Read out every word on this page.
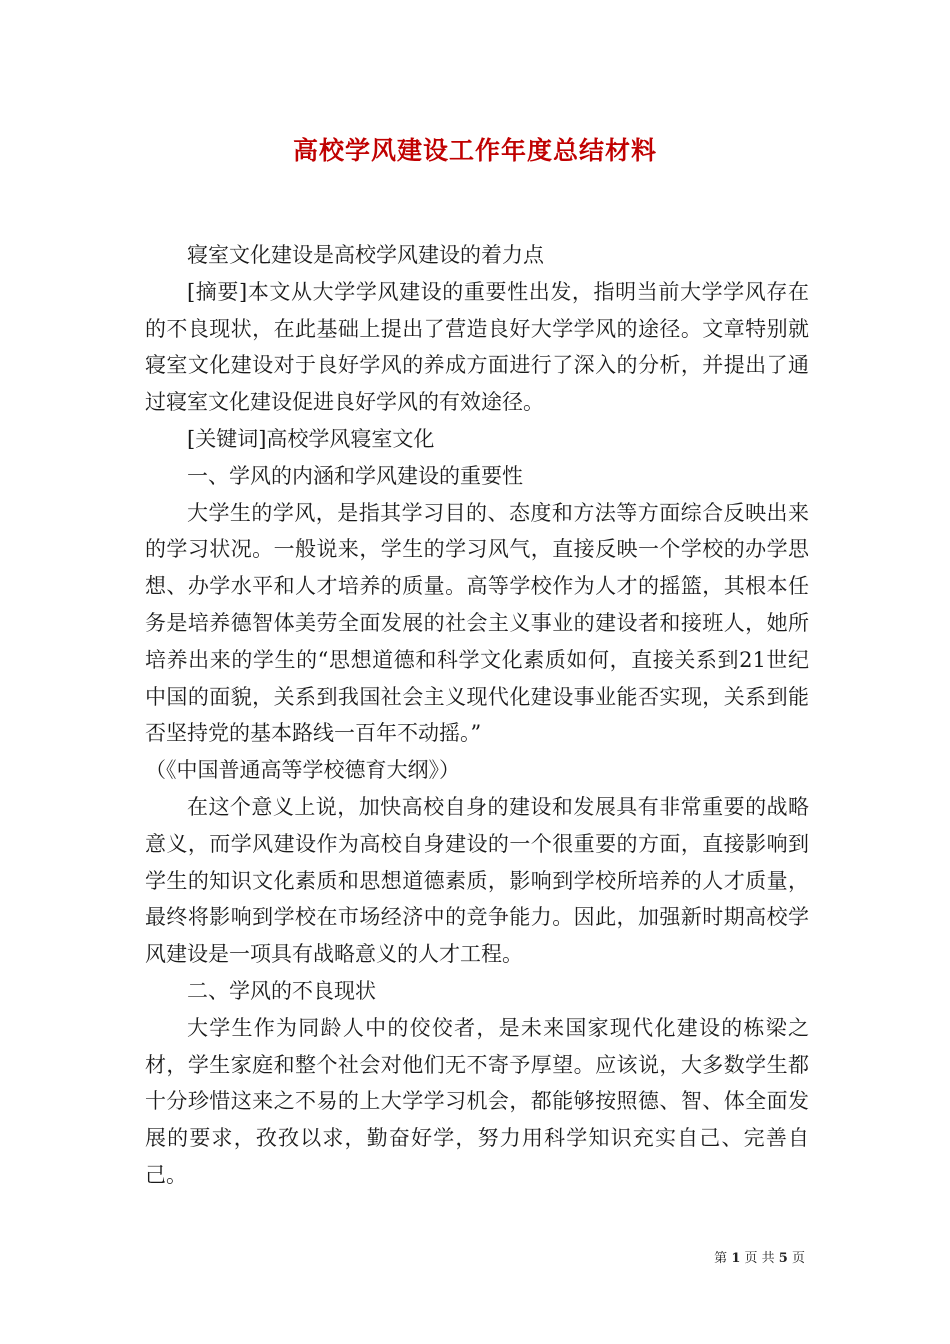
高校学风建设工作年度总结材料

寝室文化建设是高校学风建设的着力点

[摘要]本文从大学学风建设的重要性出发，指明当前大学学风存在的不良现状，在此基础上提出了营造良好大学学风的途径。文章特别就寝室文化建设对于良好学风的养成方面进行了深入的分析，并提出了通过寝室文化建设促进良好学风的有效途径。

[关键词]高校学风寝室文化

一、学风的内涵和学风建设的重要性

大学生的学风，是指其学习目的、态度和方法等方面综合反映出来的学习状况。一般说来，学生的学习风气，直接反映一个学校的办学思想、办学水平和人才培养的质量。高等学校作为人才的摇篮，其根本任务是培养德智体美劳全面发展的社会主义事业的建设者和接班人，她所培养出来的学生的“思想道德和科学文化素质如何，直接关系到21世纪中国的面貌，关系到我国社会主义现代化建设事业能否实现，关系到能否坚持党的基本路线一百年不动摇。”

（《中国普通高等学校德育大纲》）

在这个意义上说，加快高校自身的建设和发展具有非常重要的战略意义，而学风建设作为高校自身建设的一个很重要的方面，直接影响到学生的知识文化素质和思想道德素质，影响到学校所培养的人才质量，最终将影响到学校在市场经济中的竞争能力。因此，加强新时期高校学风建设是一项具有战略意义的人才工程。

二、学风的不良现状

大学生作为同龄人中的佼佼者，是未来国家现代化建设的栋梁之材，学生家庭和整个社会对他们无不寄予厚望。应该说，大多数学生都十分珍惜这来之不易的上大学学习机会，都能够按照德、智、体全面发展的要求，孜孜以求，勤奋好学，努力用科学知识充实自己、完善自己。

第 1 页 共 5 页
